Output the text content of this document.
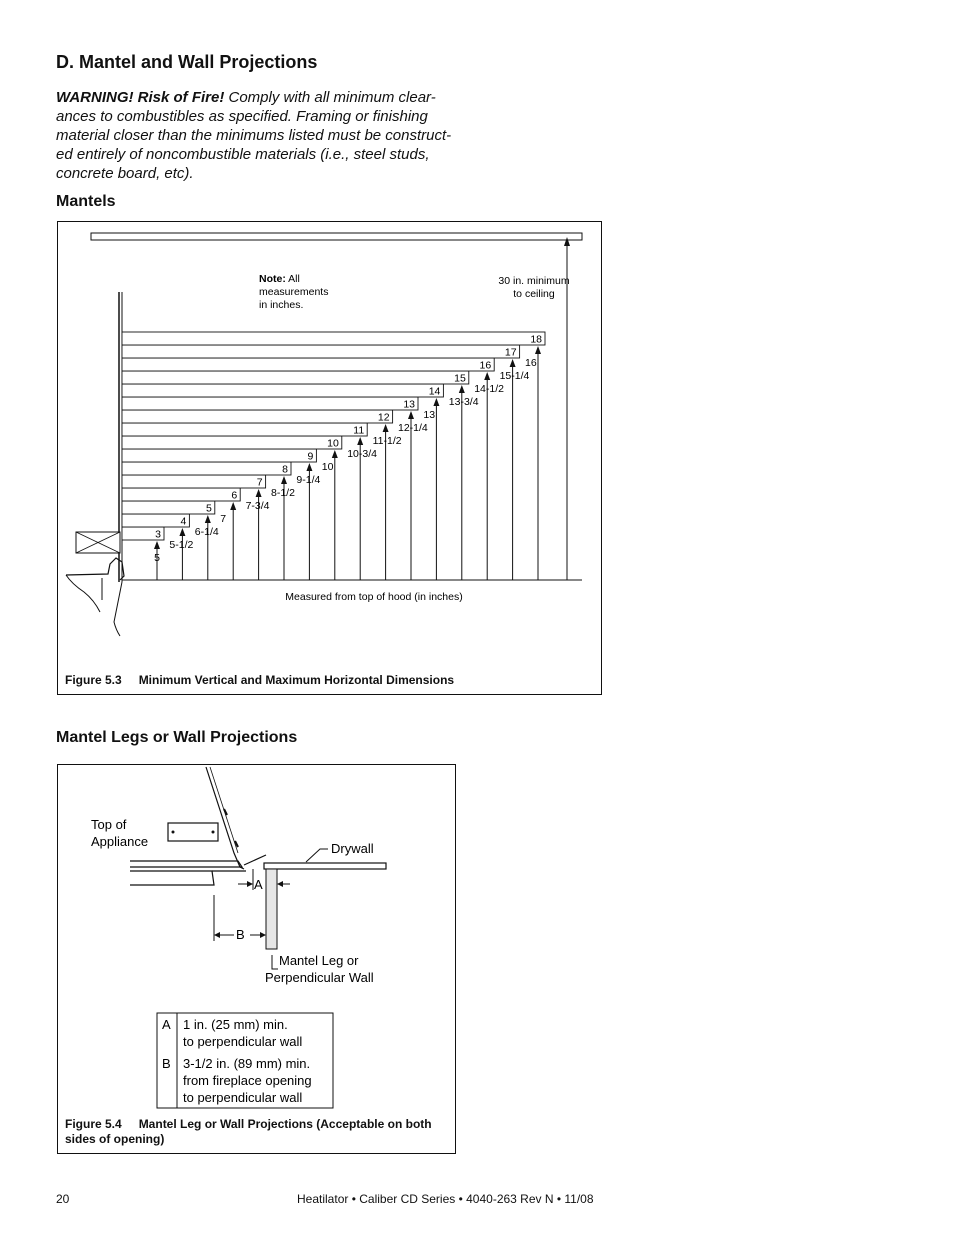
D. Mantel and Wall Projections
WARNING! Risk of Fire! Comply with all minimum clear-ances to combustibles as specified. Framing or finishing material closer than the minimums listed must be construct-ed entirely of noncombustible materials (i.e., steel studs, concrete board, etc).
Mantels
Note: All
measurements
in inches.
30 in. minimum
to ceiling
3
4
5
6
7
8
9
10
11
12
13
14
15
16
17
18
5
5-1/2
6-1/4
7
7-3/4
8-1/2
9-1/4
10
10-3/4
11-1/2
12-1/4
13
13-3/4
14-1/2
15-1/4
16
Measured from top of hood (in inches)
Figure 5.3 Minimum Vertical and Maximum Horizontal Dimensions
Mantel Legs or Wall Projections
Top of
Appliance	Drywall
A
B
Mantel Leg or
Perpendicular Wall
A 1 in. (25 mm) min.
to perpendicular wall
B 3-1/2 in. (89 mm) min.
from fireplace opening
to perpendicular wall
Figure 5.4 Mantel Leg or Wall Projections (Acceptable on both
sides of opening)
20	Heatilator • Caliber CD Series • 4040-263 Rev N • 11/08
